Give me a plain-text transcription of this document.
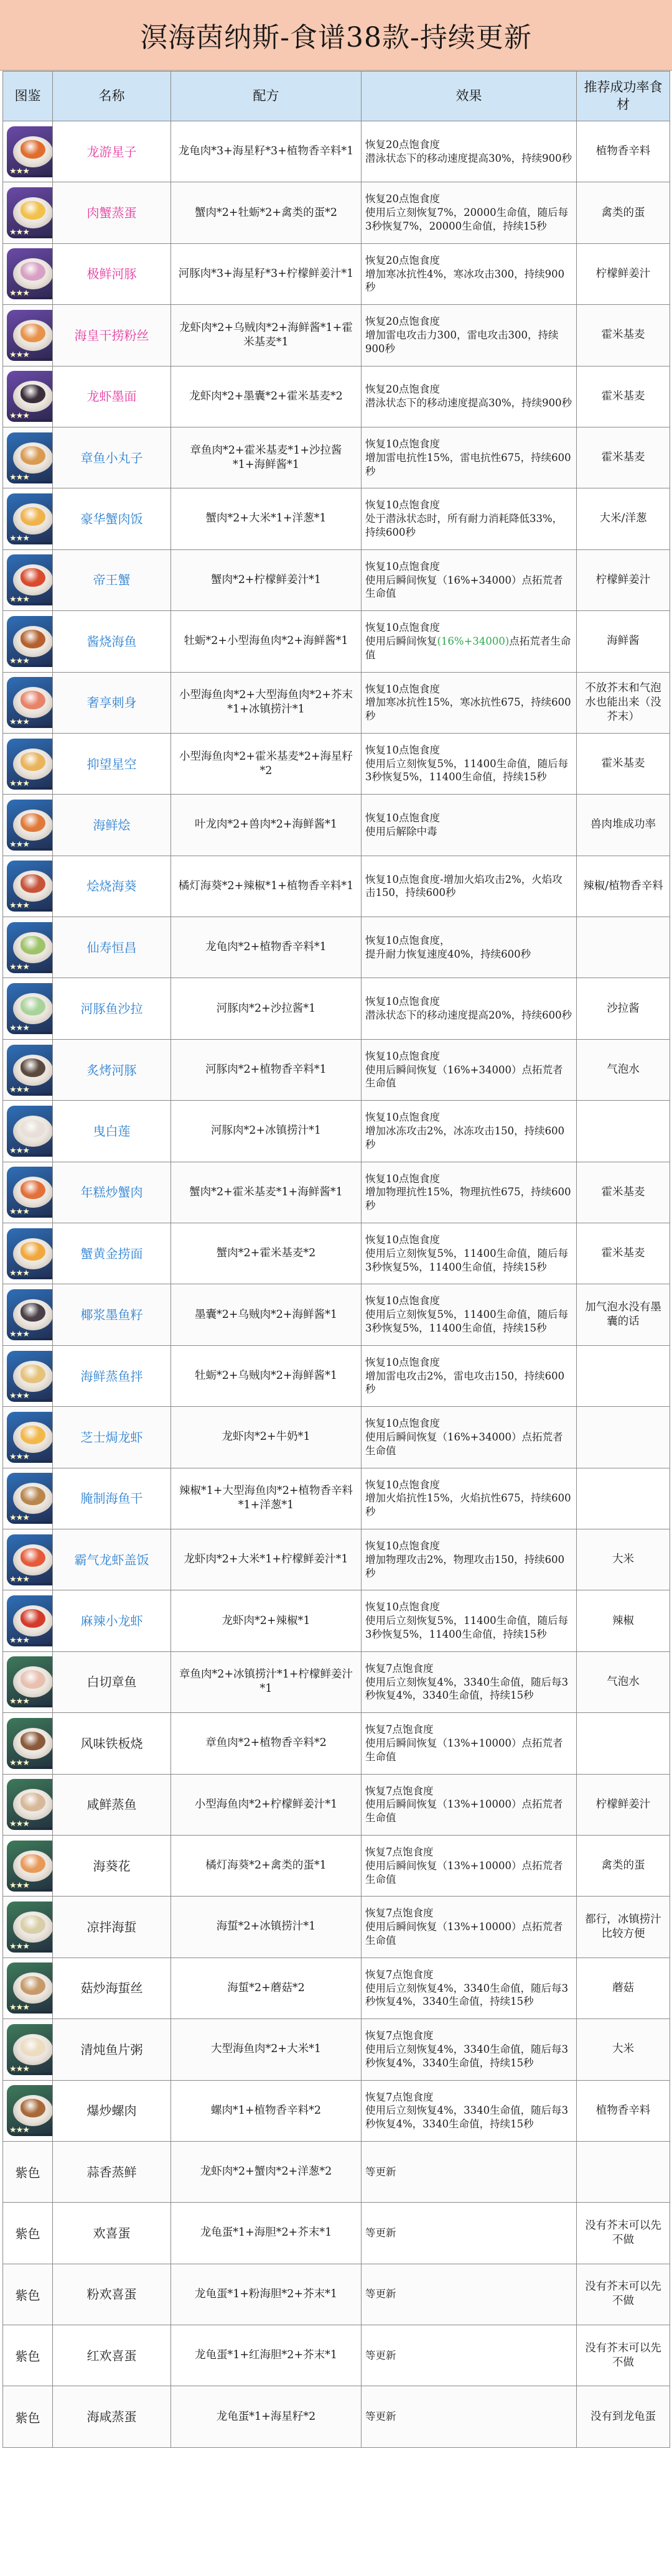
溟海茵纳斯-食谱38款-持续更新
图鉴	名称	配方	效果	推荐成功率食材

★★★	龙游星子	龙龟肉*3+海星籽*3+植物香辛料*1	恢复20点饱食度
潜泳状态下的移动速度提高30%，持续900秒	植物香辛料

★★★	肉蟹蒸蛋	蟹肉*2+牡蛎*2+禽类的蛋*2	恢复20点饱食度
使用后立刻恢复7%，20000生命值，随后每3秒恢复7%，20000生命值，持续15秒	禽类的蛋

★★★	极鲜河豚	河豚肉*3+海星籽*3+柠檬鲜姜汁*1	恢复20点饱食度
增加寒冰抗性4%，寒冰攻击300，持续900秒	柠檬鲜姜汁

★★★	海皇干捞粉丝	龙虾肉*2+乌贼肉*2+海鲜酱*1+霍米基麦*1	恢复20点饱食度
增加雷电攻击力300，雷电攻击300，持续900秒	霍米基麦

★★★	龙虾墨面	龙虾肉*2+墨囊*2+霍米基麦*2	恢复20点饱食度
潜泳状态下的移动速度提高30%，持续900秒	霍米基麦

★★★	章鱼小丸子	章鱼肉*2+霍米基麦*1+沙拉酱*1+海鲜酱*1	恢复10点饱食度
增加雷电抗性15%，雷电抗性675，持续600秒	霍米基麦

★★★	豪华蟹肉饭	蟹肉*2+大米*1+洋葱*1	恢复10点饱食度
处于潜泳状态时，所有耐力消耗降低33%，持续600秒	大米/洋葱

★★★	帝王蟹	蟹肉*2+柠檬鲜姜汁*1	恢复10点饱食度
使用后瞬间恢复（16%+34000）点拓荒者生命值	柠檬鲜姜汁

★★★	酱烧海鱼	牡蛎*2+小型海鱼肉*2+海鲜酱*1	恢复10点饱食度
使用后瞬间恢复(16%+34000)点拓荒者生命值	海鲜酱

★★★	奢享刺身	小型海鱼肉*2+大型海鱼肉*2+芥末*1+冰镇捞汁*1	恢复10点饱食度
增加寒冰抗性15%，寒冰抗性675，持续600秒	不放芥末和气泡水也能出来（没芥末）

★★★	抑望星空	小型海鱼肉*2+霍米基麦*2+海星籽*2	恢复10点饱食度
使用后立刻恢复5%，11400生命值，随后每3秒恢复5%，11400生命值，持续15秒	霍米基麦

★★★	海鲜烩	叶龙肉*2+兽肉*2+海鲜酱*1	恢复10点饱食度
使用后解除中毒	兽肉堆成功率

★★★	烩烧海葵	橘灯海葵*2+辣椒*1+植物香辛料*1	恢复10点饱食度-增加火焰攻击2%，火焰攻击150，持续600秒	辣椒/植物香辛料

★★★	仙寿恒昌	龙龟肉*2+植物香辛料*1	恢复10点饱食度，
提升耐力恢复速度40%，持续600秒	

★★★	河豚鱼沙拉	河豚肉*2+沙拉酱*1	恢复10点饱食度
潜泳状态下的移动速度提高20%，持续600秒	沙拉酱

★★★	炙烤河豚	河豚肉*2+植物香辛料*1	恢复10点饱食度
使用后瞬间恢复（16%+34000）点拓荒者生命值	气泡水

★★★	曳白莲	河豚肉*2+冰镇捞汁*1	恢复10点饱食度
增加冰冻攻击2%，冰冻攻击150，持续600秒	

★★★	年糕炒蟹肉	蟹肉*2+霍米基麦*1+海鲜酱*1	恢复10点饱食度
增加物理抗性15%，物理抗性675，持续600秒	霍米基麦

★★★	蟹黄金捞面	蟹肉*2+霍米基麦*2	恢复10点饱食度
使用后立刻恢复5%，11400生命值，随后每3秒恢复5%，11400生命值，持续15秒	霍米基麦

★★★	椰浆墨鱼籽	墨囊*2+乌贼肉*2+海鲜酱*1	恢复10点饱食度
使用后立刻恢复5%，11400生命值，随后每3秒恢复5%，11400生命值，持续15秒	加气泡水没有墨囊的话

★★★	海鲜蒸鱼拌	牡蛎*2+乌贼肉*2+海鲜酱*1	恢复10点饱食度
增加雷电攻击2%，雷电攻击150，持续600秒	

★★★	芝士焗龙虾	龙虾肉*2+牛奶*1	恢复10点饱食度
使用后瞬间恢复（16%+34000）点拓荒者生命值	

★★★	腌制海鱼干	辣椒*1+大型海鱼肉*2+植物香辛料*1+洋葱*1	恢复10点饱食度
增加火焰抗性15%，火焰抗性675，持续600秒	

★★★	霸气龙虾盖饭	龙虾肉*2+大米*1+柠檬鲜姜汁*1	恢复10点饱食度
增加物理攻击2%，物理攻击150，持续600秒	大米

★★★	麻辣小龙虾	龙虾肉*2+辣椒*1	恢复10点饱食度
使用后立刻恢复5%，11400生命值，随后每3秒恢复5%，11400生命值，持续15秒	辣椒

★★★	白切章鱼	章鱼肉*2+冰镇捞汁*1+柠檬鲜姜汁*1	恢复7点饱食度
使用后立刻恢复4%，3340生命值，随后每3秒恢复4%，3340生命值，持续15秒	气泡水

★★★	风味铁板烧	章鱼肉*2+植物香辛料*2	恢复7点饱食度
使用后瞬间恢复（13%+10000）点拓荒者生命值	

★★★	咸鲜蒸鱼	小型海鱼肉*2+柠檬鲜姜汁*1	恢复7点饱食度
使用后瞬间恢复（13%+10000）点拓荒者生命值	柠檬鲜姜汁

★★★	海葵花	橘灯海葵*2+禽类的蛋*1	恢复7点饱食度
使用后瞬间恢复（13%+10000）点拓荒者生命值	禽类的蛋

★★★	凉拌海蜇	海蜇*2+冰镇捞汁*1	恢复7点饱食度
使用后瞬间恢复（13%+10000）点拓荒者生命值	都行，冰镇捞汁比较方便

★★★	菇炒海蜇丝	海蜇*2+蘑菇*2	恢复7点饱食度
使用后立刻恢复4%，3340生命值，随后每3秒恢复4%，3340生命值，持续15秒	蘑菇

★★★	清炖鱼片粥	大型海鱼肉*2+大米*1	恢复7点饱食度
使用后立刻恢复4%，3340生命值，随后每3秒恢复4%，3340生命值，持续15秒	大米

★★★	爆炒螺肉	螺肉*1+植物香辛料*2	恢复7点饱食度
使用后立刻恢复4%，3340生命值，随后每3秒恢复4%，3340生命值，持续15秒	植物香辛料
紫色	蒜香蒸鲜	龙虾肉*2+蟹肉*2+洋葱*2	等更新	
紫色	欢喜蛋	龙龟蛋*1+海胆*2+芥末*1	等更新	没有芥末可以先不做
紫色	粉欢喜蛋	龙龟蛋*1+粉海胆*2+芥末*1	等更新	没有芥末可以先不做
紫色	红欢喜蛋	龙龟蛋*1+红海胆*2+芥末*1	等更新	没有芥末可以先不做
紫色	海咸蒸蛋	龙龟蛋*1+海星籽*2	等更新	没有到龙龟蛋
